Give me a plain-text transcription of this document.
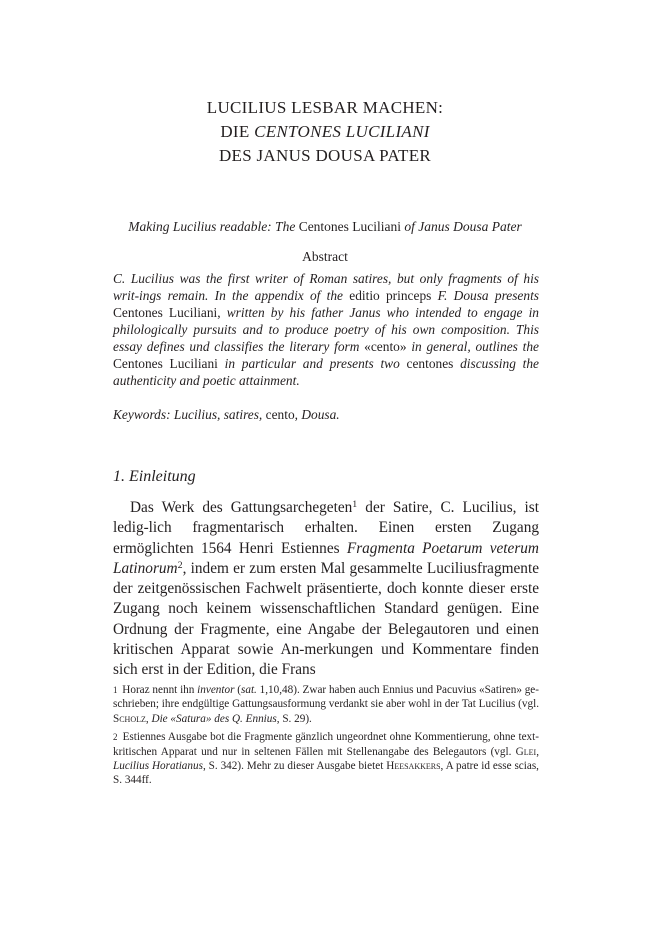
LUCILIUS LESBAR MACHEN:
DIE CENTONES LUCILIANI
DES JANUS DOUSA PATER
Making Lucilius readable: The Centones Luciliani of Janus Dousa Pater
Abstract

C. Lucilius was the first writer of Roman satires, but only fragments of his writ-ings remain. In the appendix of the editio princeps F. Dousa presents Centones Luciliani, written by his father Janus who intended to engage in philologically pursuits and to produce poetry of his own composition. This essay defines und classifies the literary form «cento» in general, outlines the Centones Luciliani in particular and presents two centones discussing the authenticity and poetic attainment.

Keywords: Lucilius, satires, cento, Dousa.

1. Einleitung

Das Werk des Gattungsarchegeten$^1$ der Satire, C. Lucilius, ist ledig-lich fragmentarisch erhalten. Einen ersten Zugang ermöglichten 1564 Henri Estiennes Fragmenta Poetarum veterum Latinorum$^2$, indem er zum ersten Mal gesammelte Luciliusfragmente der zeitgenössischen Fachwelt präsentierte, doch konnte dieser erste Zugang noch keinem wissenschaftlichen Standard genügen. Eine Ordnung der Fragmente, eine Angabe der Belegautoren und einen kritischen Apparat sowie An-merkungen und Kommentare finden sich erst in der Edition, die Frans

1 Horaz nennt ihn inventor (sat. 1,10,48). Zwar haben auch Ennius und Pacuvius «Satiren» ge-schrieben; ihre endgültige Gattungsausformung verdankt sie aber wohl in der Tat Lucilius (vgl. Scholz, Die «Satura» des Q. Ennius, S. 29).

2 Estiennes Ausgabe bot die Fragmente gänzlich ungeordnet ohne Kommentierung, ohne text-kritischen Apparat und nur in seltenen Fällen mit Stellenangabe des Belegautors (vgl. Glei, Lucilius Horatianus, S. 342). Mehr zu dieser Ausgabe bietet Heesakkers, A patre id esse scias, S. 344ff.
